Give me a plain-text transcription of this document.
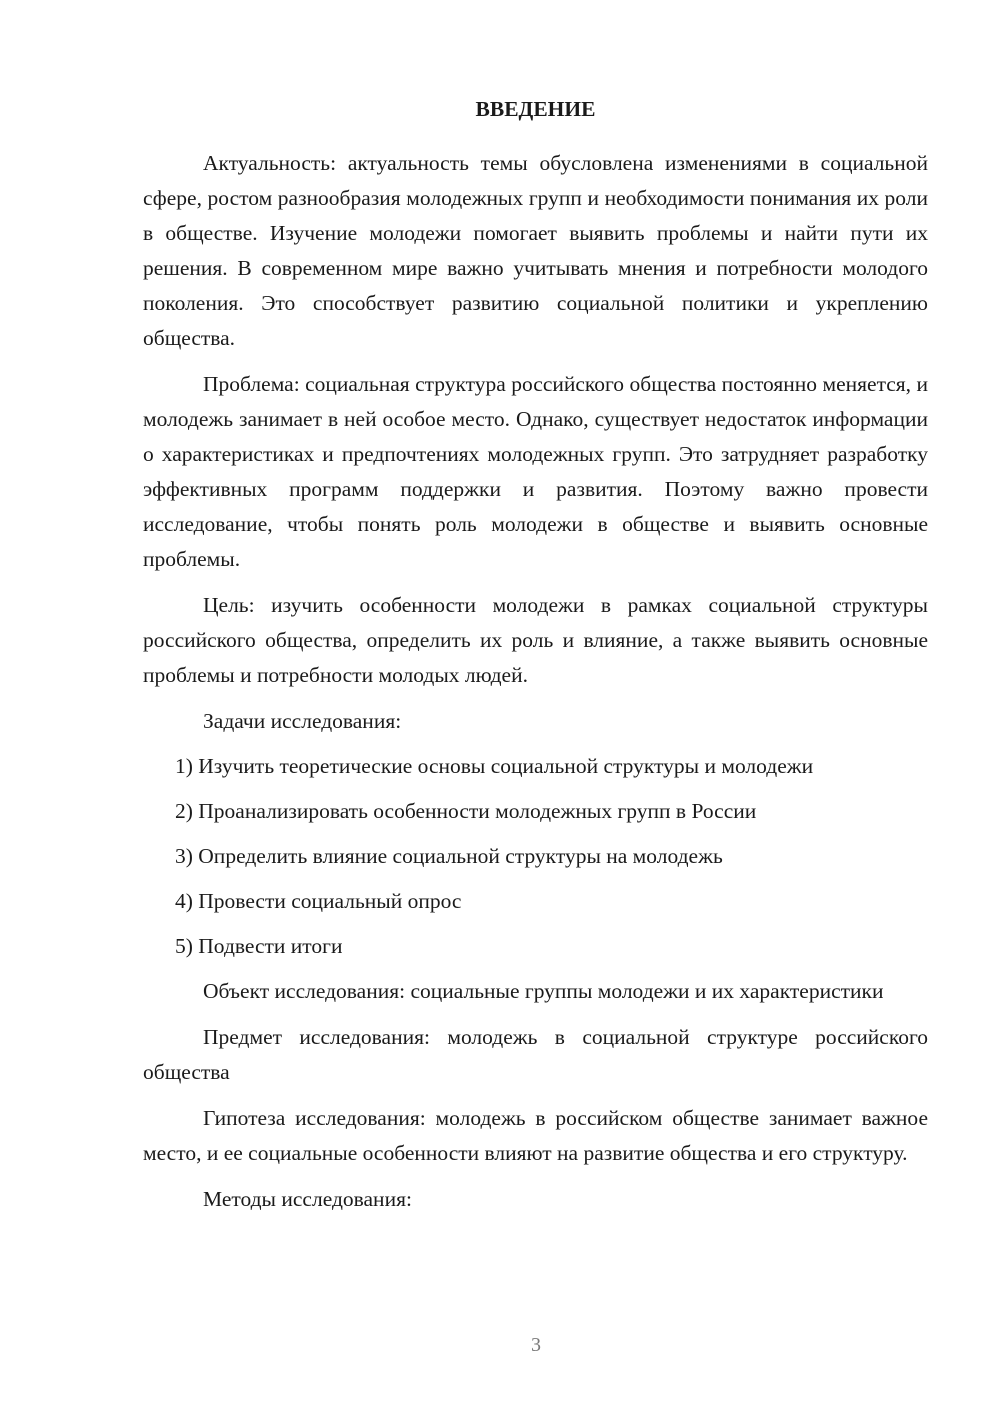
ВВЕДЕНИЕ

Актуальность: актуальность темы обусловлена изменениями в социальной сфере, ростом разнообразия молодежных групп и необходимости понимания их роли в обществе. Изучение молодежи помогает выявить проблемы и найти пути их решения. В современном мире важно учитывать мнения и потребности молодого поколения. Это способствует развитию социальной политики и укреплению общества.

Проблема: социальная структура российского общества постоянно меняется, и молодежь занимает в ней особое место. Однако, существует недостаток информации о характеристиках и предпочтениях молодежных групп. Это затрудняет разработку эффективных программ поддержки и развития. Поэтому важно провести исследование, чтобы понять роль молодежи в обществе и выявить основные проблемы.

Цель: изучить особенности молодежи в рамках социальной структуры российского общества, определить их роль и влияние, а также выявить основные проблемы и потребности молодых людей.

Задачи исследования:

1) Изучить теоретические основы социальной структуры и молодежи
2) Проанализировать особенности молодежных групп в России
3) Определить влияние социальной структуры на молодежь
4) Провести социальный опрос
5) Подвести итоги

Объект исследования: социальные группы молодежи и их характеристики

Предмет исследования: молодежь в социальной структуре российского общества

Гипотеза исследования: молодежь в российском обществе занимает важное место, и ее социальные особенности влияют на развитие общества и его структуру.

Методы исследования:

3
